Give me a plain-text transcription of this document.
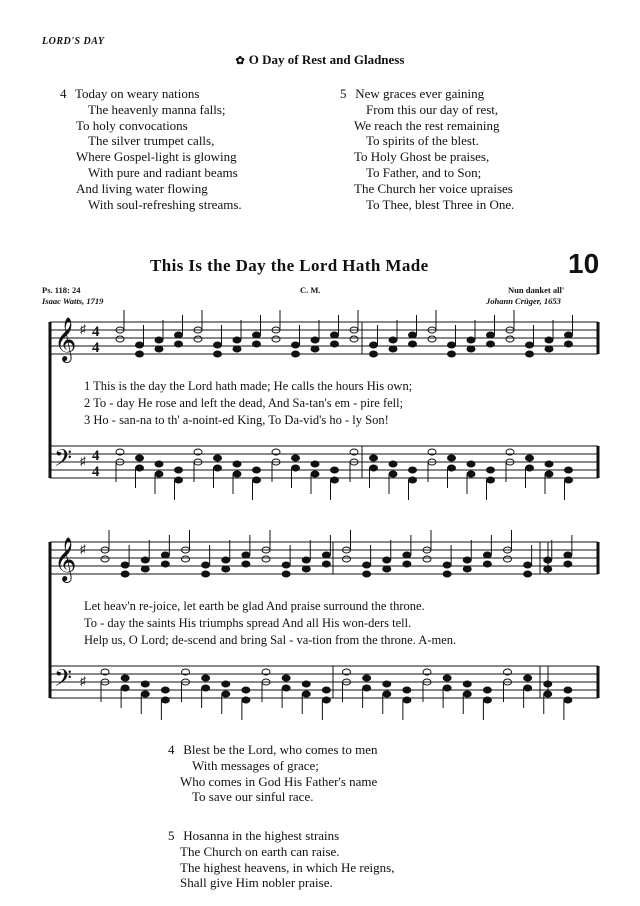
LORD'S DAY
✿ O Day of Rest and Gladness
4 Today on weary nations
The heavenly manna falls;
To holy convocations
The silver trumpet calls,
Where Gospel-light is glowing
With pure and radiant beams
And living water flowing
With soul-refreshing streams.
5 New graces ever gaining
From this our day of rest,
We reach the rest remaining
To spirits of the blest.
To Holy Ghost be praises,
To Father, and to Son;
The Church her voice upraises
To Thee, blest Three in One.
This Is the Day the Lord Hath Made	10
Ps. 118: 24
Isaac Watts, 1719
C. M.	Nun danket all'
Johann Crüger, 1653
𝄞
𝄢
♯
♯
4
4
4
4
𝄞
𝄢
♯
♯
1 This is the day the Lord hath made; He calls the hours His own;
2 To - day He rose and left the dead, And Sa-tan's em - pire fell;
3 Ho - san-na to th' a-noint-ed King, To Da-vid's ho - ly Son!
Let heav'n re-joice, let earth be glad And praise surround the throne.
To - day the saints His triumphs spread And all His won-ders tell.
Help us, O Lord; de-scend and bring Sal - va-tion from the throne. A-men.
4 Blest be the Lord, who comes to men
With messages of grace;
Who comes in God His Father's name
To save our sinful race.
5 Hosanna in the highest strains
The Church on earth can raise.
The highest heavens, in which He reigns,
Shall give Him nobler praise.
